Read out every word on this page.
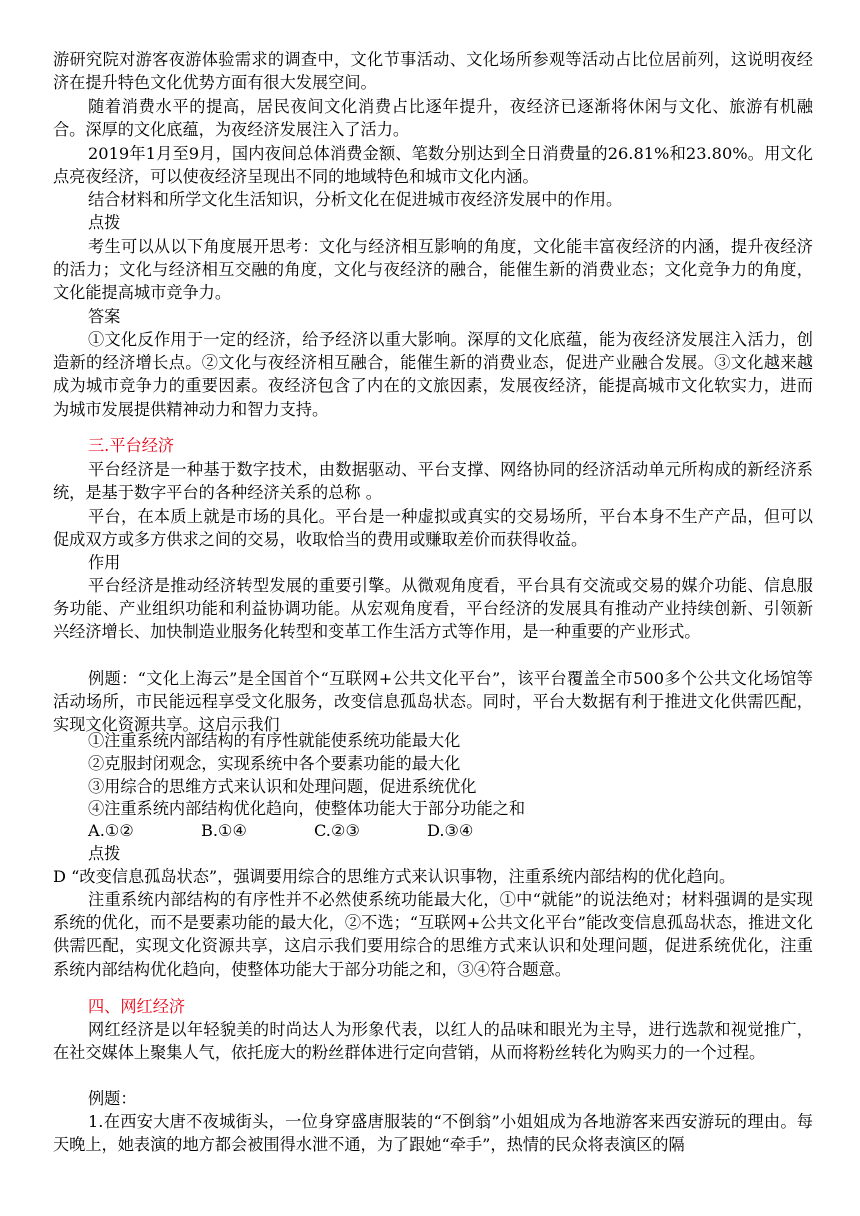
游研究院对游客夜游体验需求的调查中，文化节事活动、文化场所参观等活动占比位居前列，这说明夜经济在提升特色文化优势方面有很大发展空间。

随着消费水平的提高，居民夜间文化消费占比逐年提升，夜经济已逐渐将休闲与文化、旅游有机融合。深厚的文化底蕴，为夜经济发展注入了活力。

2019年1月至9月，国内夜间总体消费金额、笔数分别达到全日消费量的26.81%和23.80%。用文化点亮夜经济，可以使夜经济呈现出不同的地域特色和城市文化内涵。

结合材料和所学文化生活知识，分析文化在促进城市夜经济发展中的作用。

点拨

考生可以从以下角度展开思考：文化与经济相互影响的角度，文化能丰富夜经济的内涵，提升夜经济的活力；文化与经济相互交融的角度，文化与夜经济的融合，能催生新的消费业态；文化竞争力的角度，文化能提高城市竞争力。

答案

①文化反作用于一定的经济，给予经济以重大影响。深厚的文化底蕴，能为夜经济发展注入活力，创造新的经济增长点。②文化与夜经济相互融合，能催生新的消费业态，促进产业融合发展。③文化越来越成为城市竞争力的重要因素。夜经济包含了内在的文旅因素，发展夜经济，能提高城市文化软实力，进而为城市发展提供精神动力和智力支持。

三.平台经济

平台经济是一种基于数字技术，由数据驱动、平台支撑、网络协同的经济活动单元所构成的新经济系统，是基于数字平台的各种经济关系的总称 。

平台，在本质上就是市场的具化。平台是一种虚拟或真实的交易场所，平台本身不生产产品，但可以促成双方或多方供求之间的交易，收取恰当的费用或赚取差价而获得收益。

作用

平台经济是推动经济转型发展的重要引擎。从微观角度看，平台具有交流或交易的媒介功能、信息服务功能、产业组织功能和利益协调功能。从宏观角度看，平台经济的发展具有推动产业持续创新、引领新兴经济增长、加快制造业服务化转型和变革工作生活方式等作用，是一种重要的产业形式。

例题：“文化上海云”是全国首个“互联网+公共文化平台”，该平台覆盖全市500多个公共文化场馆等活动场所，市民能远程享受文化服务，改变信息孤岛状态。同时，平台大数据有利于推进文化供需匹配，实现文化资源共享。这启示我们

①注重系统内部结构的有序性就能使系统功能最大化

②克服封闭观念，实现系统中各个要素功能的最大化

③用综合的思维方式来认识和处理问题，促进系统优化

④注重系统内部结构优化趋向，使整体功能大于部分功能之和

A.①②	B.①④	C.②③	D.③④

点拨

D “改变信息孤岛状态”，强调要用综合的思维方式来认识事物，注重系统内部结构的优化趋向。

注重系统内部结构的有序性并不必然使系统功能最大化，①中“就能”的说法绝对；材料强调的是实现系统的优化，而不是要素功能的最大化，②不选；“互联网+公共文化平台”能改变信息孤岛状态，推进文化供需匹配，实现文化资源共享，这启示我们要用综合的思维方式来认识和处理问题，促进系统优化，注重系统内部结构优化趋向，使整体功能大于部分功能之和，③④符合题意。

四、网红经济

网红经济是以年轻貌美的时尚达人为形象代表，以红人的品味和眼光为主导，进行选款和视觉推广，在社交媒体上聚集人气，依托庞大的粉丝群体进行定向营销，从而将粉丝转化为购买力的一个过程。

例题：

1.在西安大唐不夜城街头，一位身穿盛唐服装的“不倒翁”小姐姐成为各地游客来西安游玩的理由。每天晚上，她表演的地方都会被围得水泄不通，为了跟她“牵手”，热情的民众将表演区的隔
